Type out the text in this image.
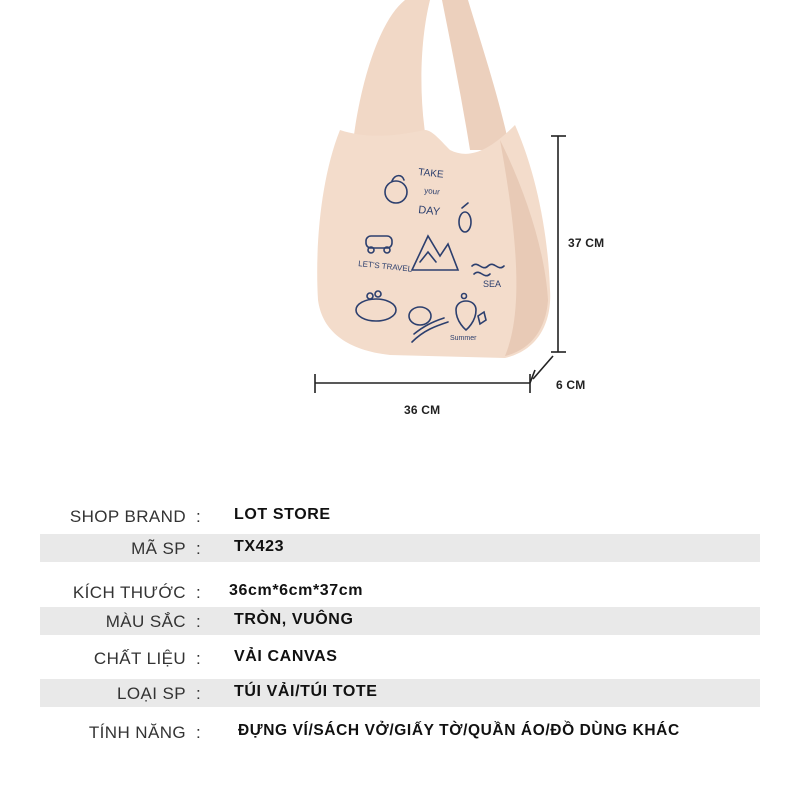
TAKE
your
DAY
LET'S TRAVEL
SEA
Summer
37 CM
36 CM
6 CM
SHOP BRAND : LOT STORE
MÃ SP : TX423
KÍCH THƯỚC : 36cm*6cm*37cm
MÀU SẮC : TRÒN, VUÔNG
CHẤT LIỆU : VẢI CANVAS
LOẠI SP : TÚI VẢI/TÚI TOTE
TÍNH NĂNG : ĐỰNG VÍ/SÁCH VỞ/GIẤY TỜ/QUẦN ÁO/ĐỒ DÙNG KHÁC
